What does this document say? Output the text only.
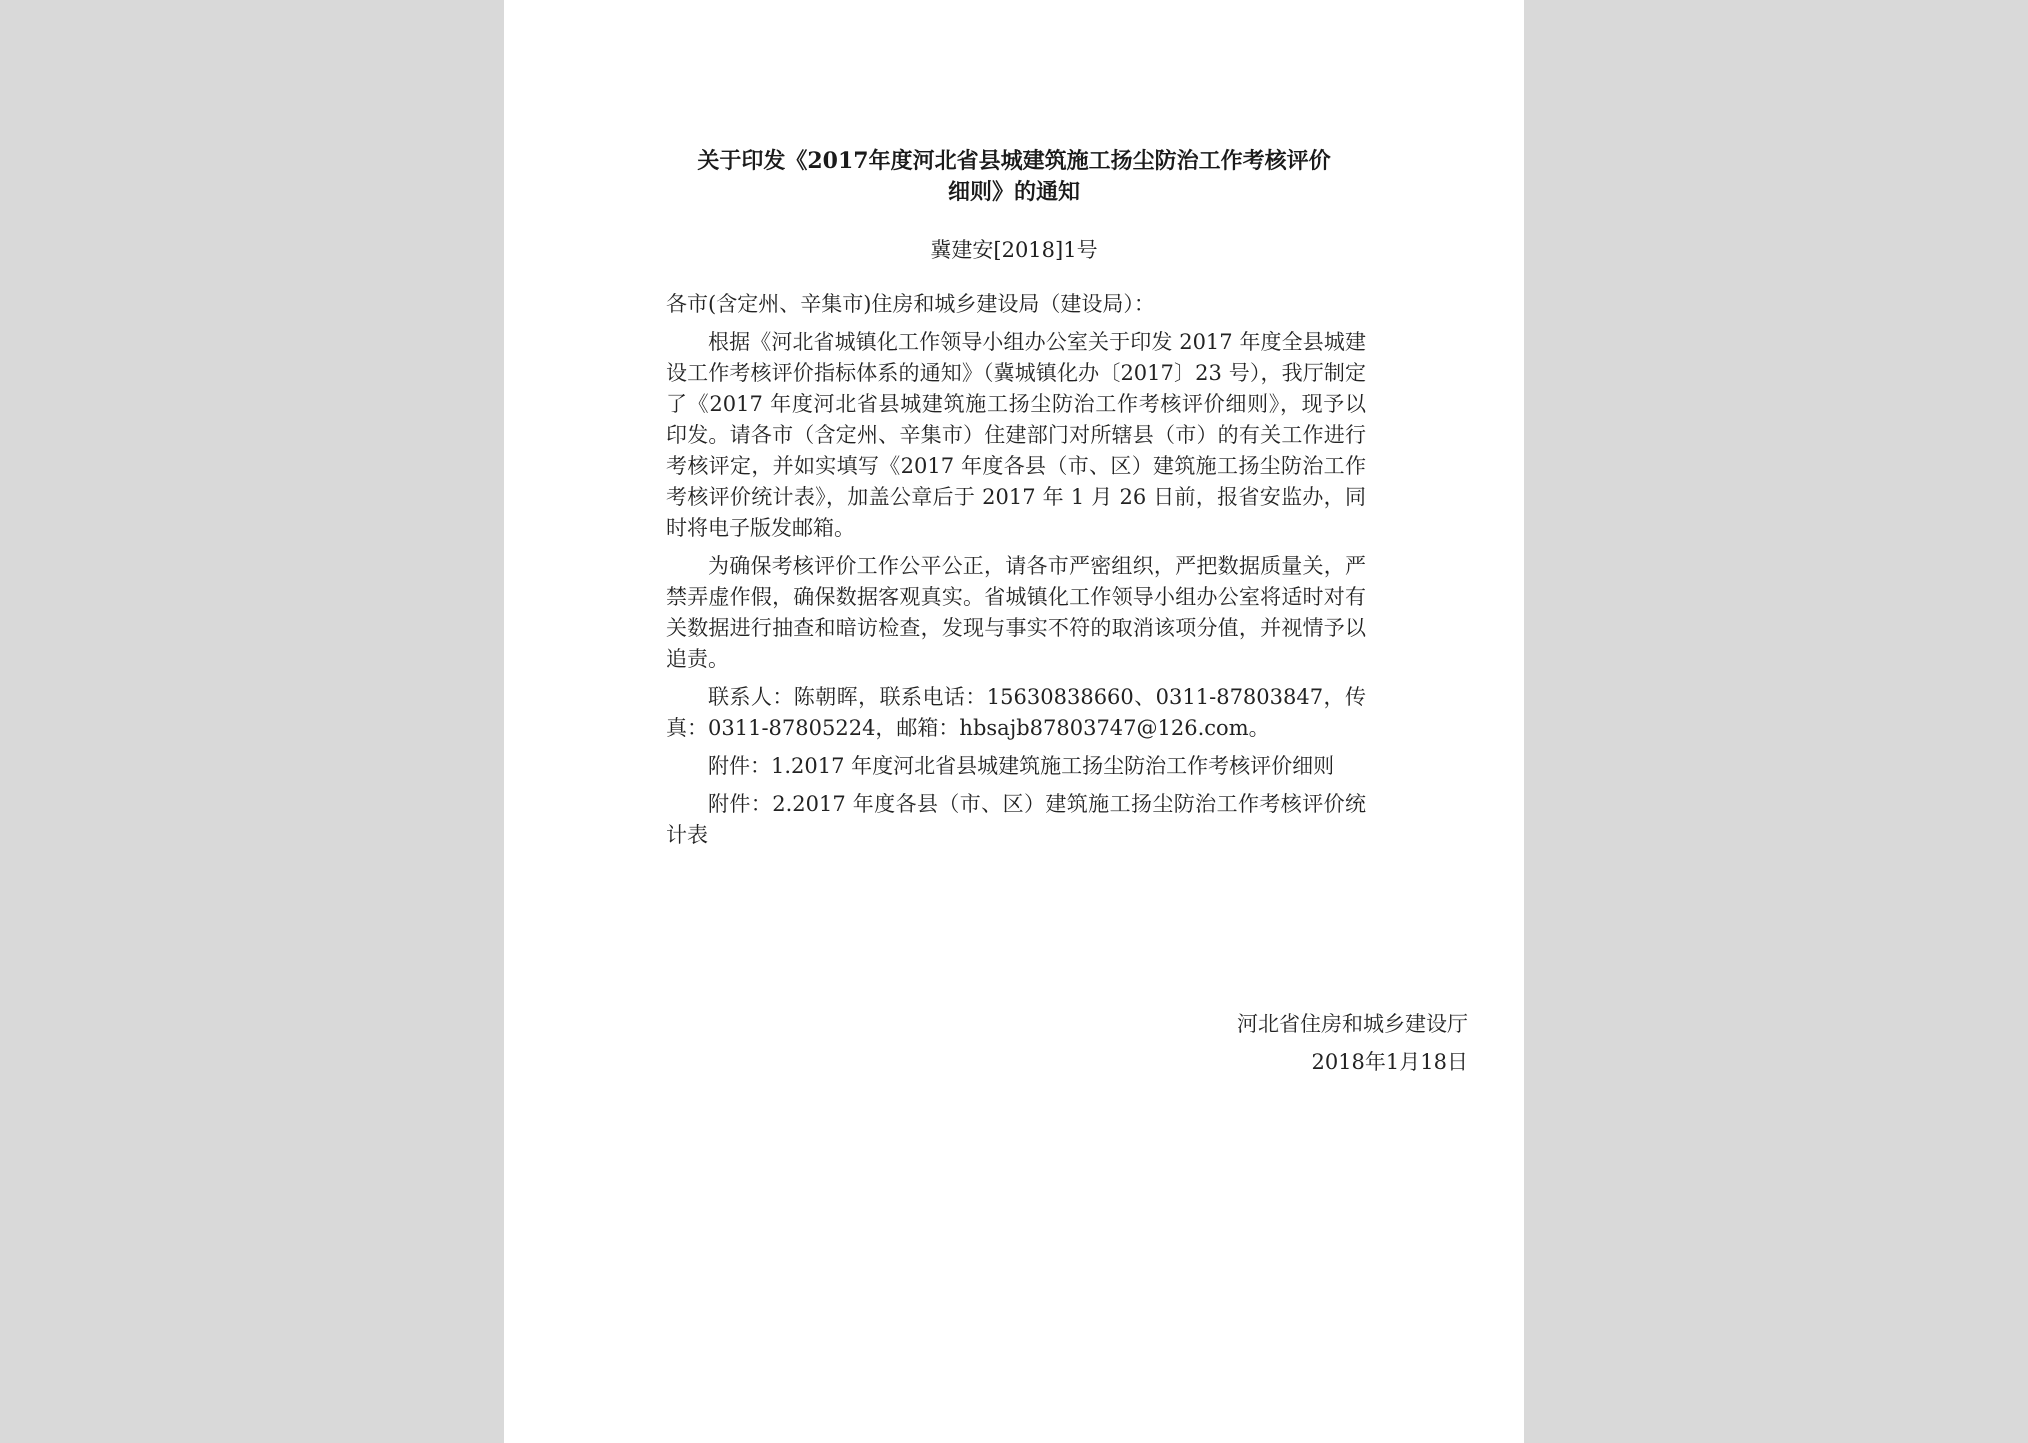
关于印发《2017年度河北省县城建筑施工扬尘防治工作考核评价
细则》的通知
冀建安[2018]1号

各市(含定州、辛集市)住房和城乡建设局（建设局）：

根据《河北省城镇化工作领导小组办公室关于印发 2017 年度全县城建设工作考核评价指标体系的通知》（冀城镇化办〔2017〕23 号），我厅制定了《2017 年度河北省县城建筑施工扬尘防治工作考核评价细则》，现予以印发。请各市（含定州、辛集市）住建部门对所辖县（市）的有关工作进行考核评定，并如实填写《2017 年度各县（市、区）建筑施工扬尘防治工作考核评价统计表》，加盖公章后于 2017 年 1 月 26 日前，报省安监办，同时将电子版发邮箱。

为确保考核评价工作公平公正，请各市严密组织，严把数据质量关，严禁弄虚作假，确保数据客观真实。省城镇化工作领导小组办公室将适时对有关数据进行抽查和暗访检查，发现与事实不符的取消该项分值，并视情予以追责。

联系人：陈朝晖，联系电话：15630838660、0311-87803847，传真：0311-87805224，邮箱：hbsajb87803747@126.com。

附件：1.2017 年度河北省县城建筑施工扬尘防治工作考核评价细则

附件：2.2017 年度各县（市、区）建筑施工扬尘防治工作考核评价统计表

河北省住房和城乡建设厅
2018年1月18日
